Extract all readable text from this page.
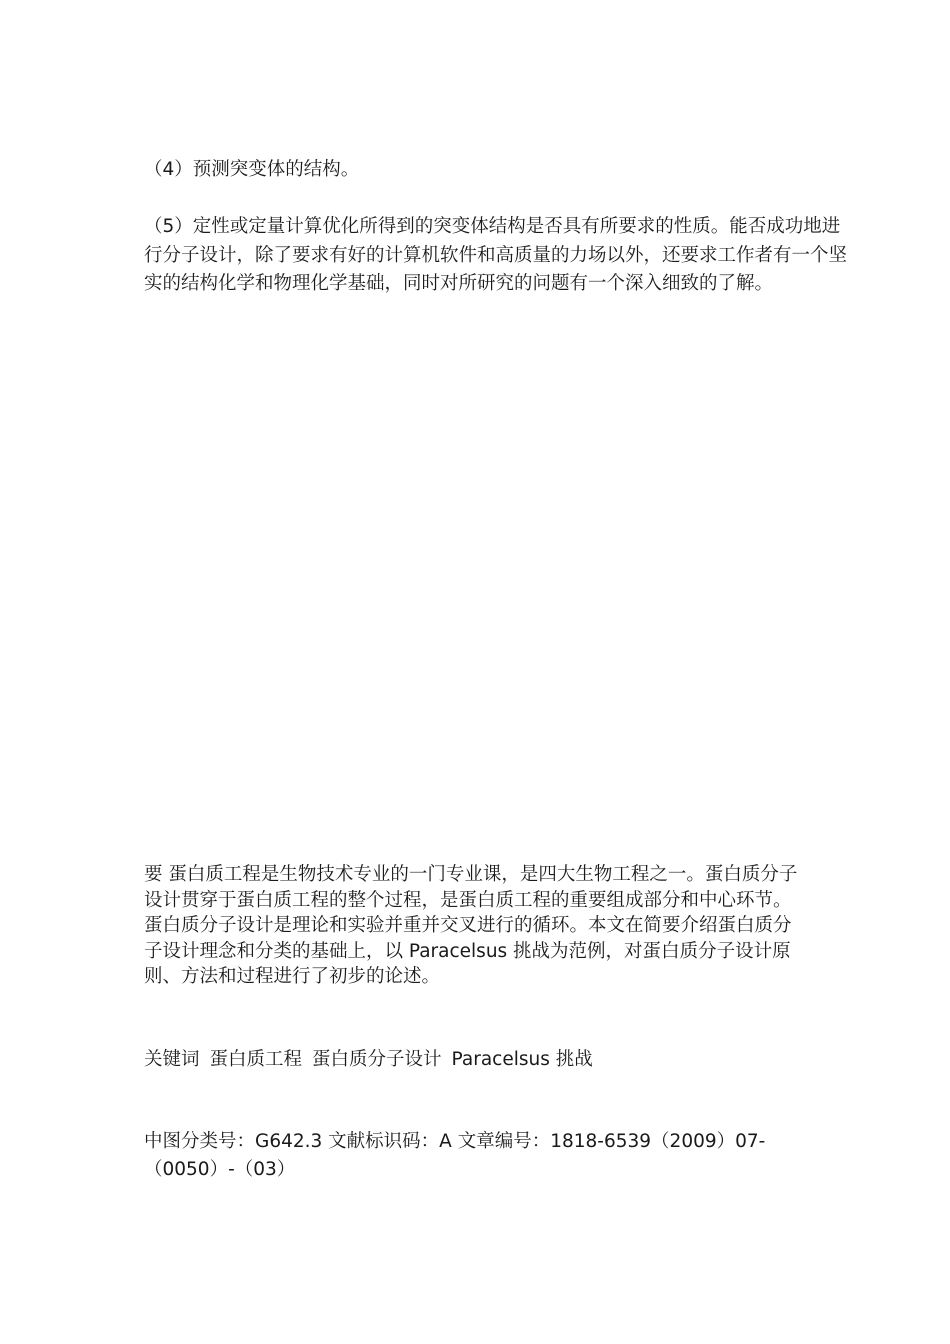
（4）预测突变体的结构。

（5）定性或定量计算优化所得到的突变体结构是否具有所要求的性质。能否成功地进行分子设计，除了要求有好的计算机软件和高质量的力场以外，还要求工作者有一个坚实的结构化学和物理化学基础，同时对所研究的问题有一个深入细致的了解。

要 蛋白质工程是生物技术专业的一门专业课，是四大生物工程之一。蛋白质分子设计贯穿于蛋白质工程的整个过程，是蛋白质工程的重要组成部分和中心环节。蛋白质分子设计是理论和实验并重并交叉进行的循环。本文在简要介绍蛋白质分子设计理念和分类的基础上，以 Paracelsus 挑战为范例，对蛋白质分子设计原则、方法和过程进行了初步的论述。

关键词 蛋白质工程 蛋白质分子设计 Paracelsus 挑战

中图分类号：G642.3 文献标识码：A 文章编号：1818-6539（2009）07-（0050）-（03）
